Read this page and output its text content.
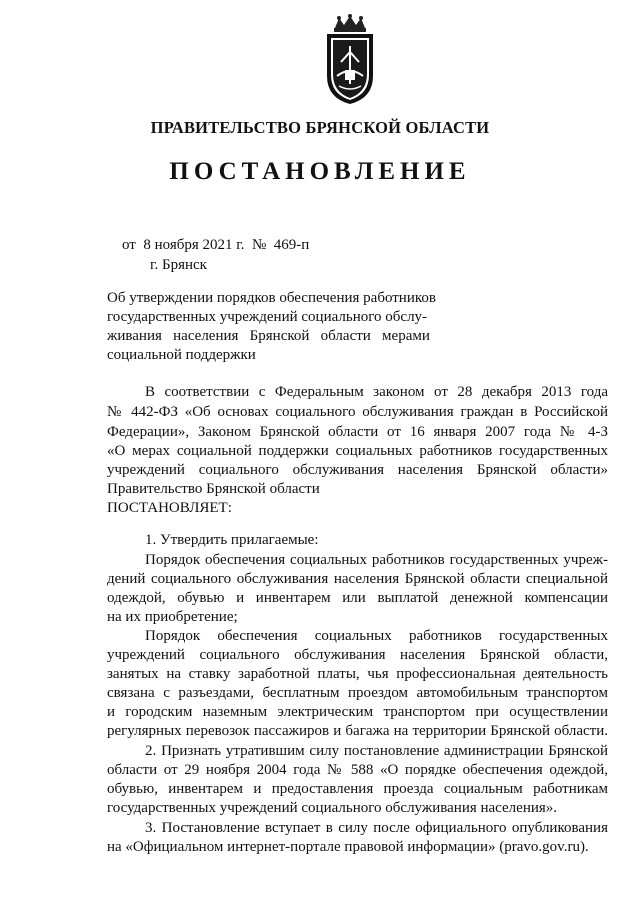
ПРАВИТЕЛЬСТВО БРЯНСКОЙ ОБЛАСТИ
ПОСТАНОВЛЕНИЕ
от  8 ноября 2021 г.  №  469-п
г. Брянск
Об утверждении порядков обеспечения работников
государственных учреждений социального обслу-
живания   населения   Брянской   области   мерами
социальной поддержки
В соответствии с Федеральным законом от 28 декабря 2013 года
№ 442-ФЗ «Об основах социального обслуживания граждан в Российской
Федерации», Законом Брянской области от 16 января 2007 года № 4-З
«О мерах социальной поддержки социальных работников государственных
учреждений социального обслуживания населения Брянской области»
Правительство Брянской области
ПОСТАНОВЛЯЕТ:
1. Утвердить прилагаемые:
Порядок обеспечения социальных работников государственных учреж-
дений социального обслуживания населения Брянской области специальной
одеждой, обувью и инвентарем или выплатой денежной компенсации
на их приобретение;
Порядок обеспечения социальных работников государственных
учреждений социального обслуживания населения Брянской области,
занятых на ставку заработной платы, чья профессиональная деятельность
связана с разъездами, бесплатным проездом автомобильным транспортом
и городским наземным электрическим транспортом при осуществлении
регулярных перевозок пассажиров и багажа на территории Брянской области.
2. Признать утратившим силу постановление администрации Брянской
области от 29 ноября 2004 года № 588 «О порядке обеспечения одеждой,
обувью, инвентарем и предоставления проезда социальным работникам
государственных учреждений социального обслуживания населения».
3. Постановление вступает в силу после официального опубликования
на «Официальном интернет-портале правовой информации» (pravo.gov.ru).
